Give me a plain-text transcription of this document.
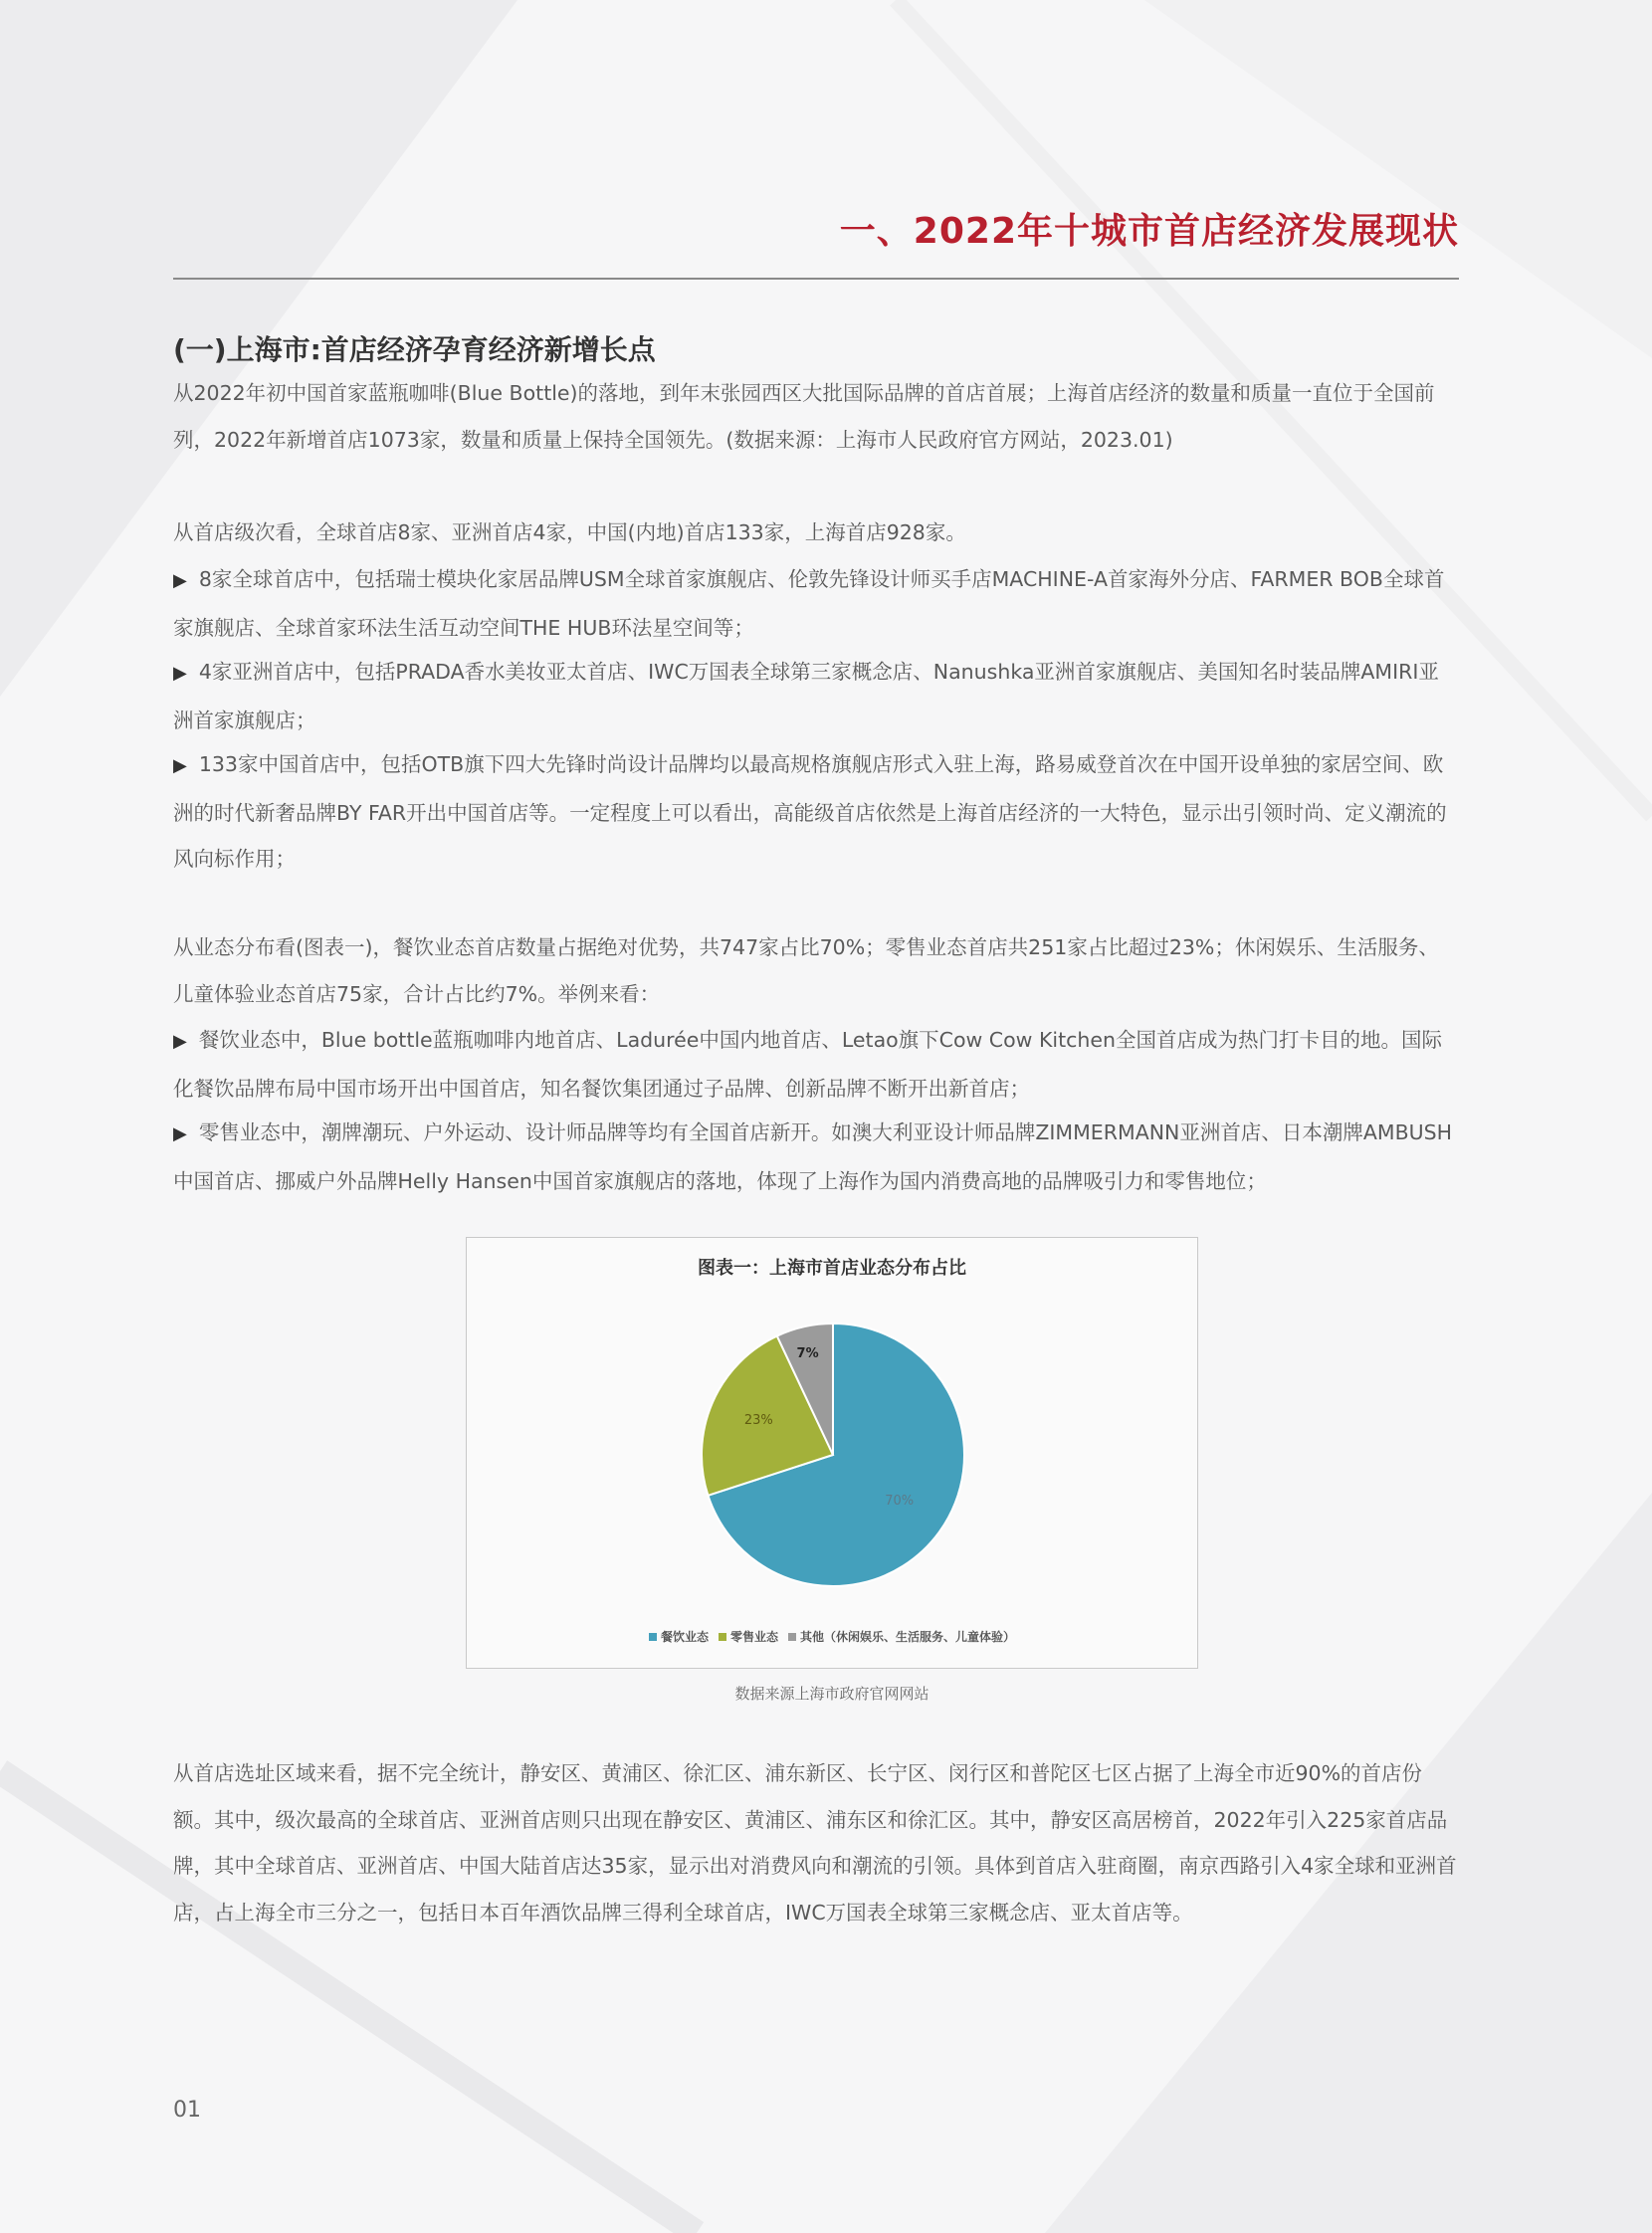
一、2022年十城市首店经济发展现状
(一)上海市:首店经济孕育经济新增长点

从2022年初中国首家蓝瓶咖啡(Blue Bottle)的落地，到年末张园西区大批国际品牌的首店首展；上海首店经济的数量和质量一直位于全国前列，2022年新增首店1073家，数量和质量上保持全国领先。(数据来源：上海市人民政府官方网站，2023.01)

从首店级次看，全球首店8家、亚洲首店4家，中国(内地)首店133家，上海首店928家。

▶ 8家全球首店中，包括瑞士模块化家居品牌USM全球首家旗舰店、伦敦先锋设计师买手店MACHINE-A首家海外分店、FARMER BOB全球首家旗舰店、全球首家环法生活互动空间THE HUB环法星空间等；

▶ 4家亚洲首店中，包括PRADA香水美妆亚太首店、IWC万国表全球第三家概念店、Nanushka亚洲首家旗舰店、美国知名时装品牌AMIRI亚洲首家旗舰店；

▶ 133家中国首店中，包括OTB旗下四大先锋时尚设计品牌均以最高规格旗舰店形式入驻上海，路易威登首次在中国开设单独的家居空间、欧洲的时代新奢品牌BY FAR开出中国首店等。一定程度上可以看出，高能级首店依然是上海首店经济的一大特色，显示出引领时尚、定义潮流的风向标作用；

从业态分布看(图表一)，餐饮业态首店数量占据绝对优势，共747家占比70%；零售业态首店共251家占比超过23%；休闲娱乐、生活服务、儿童体验业态首店75家，合计占比约7%。举例来看：

▶ 餐饮业态中，Blue bottle蓝瓶咖啡内地首店、Ladurée中国内地首店、Letao旗下Cow Cow Kitchen全国首店成为热门打卡目的地。国际化餐饮品牌布局中国市场开出中国首店，知名餐饮集团通过子品牌、创新品牌不断开出新首店；

▶ 零售业态中，潮牌潮玩、户外运动、设计师品牌等均有全国首店新开。如澳大利亚设计师品牌ZIMMERMANN亚洲首店、日本潮牌AMBUSH中国首店、挪威户外品牌Helly Hansen中国首家旗舰店的落地，体现了上海作为国内消费高地的品牌吸引力和零售地位；

图表一：上海市首店业态分布占比
70%
23%
7%
餐饮业态 零售业态 其他（休闲娱乐、生活服务、儿童体验）
数据来源上海市政府官网网站

从首店选址区域来看，据不完全统计，静安区、黄浦区、徐汇区、浦东新区、长宁区、闵行区和普陀区七区占据了上海全市近90%的首店份额。其中，级次最高的全球首店、亚洲首店则只出现在静安区、黄浦区、浦东区和徐汇区。其中，静安区高居榜首，2022年引入225家首店品牌，其中全球首店、亚洲首店、中国大陆首店达35家，显示出对消费风向和潮流的引领。具体到首店入驻商圈，南京西路引入4家全球和亚洲首店，占上海全市三分之一，包括日本百年酒饮品牌三得利全球首店，IWC万国表全球第三家概念店、亚太首店等。

01
